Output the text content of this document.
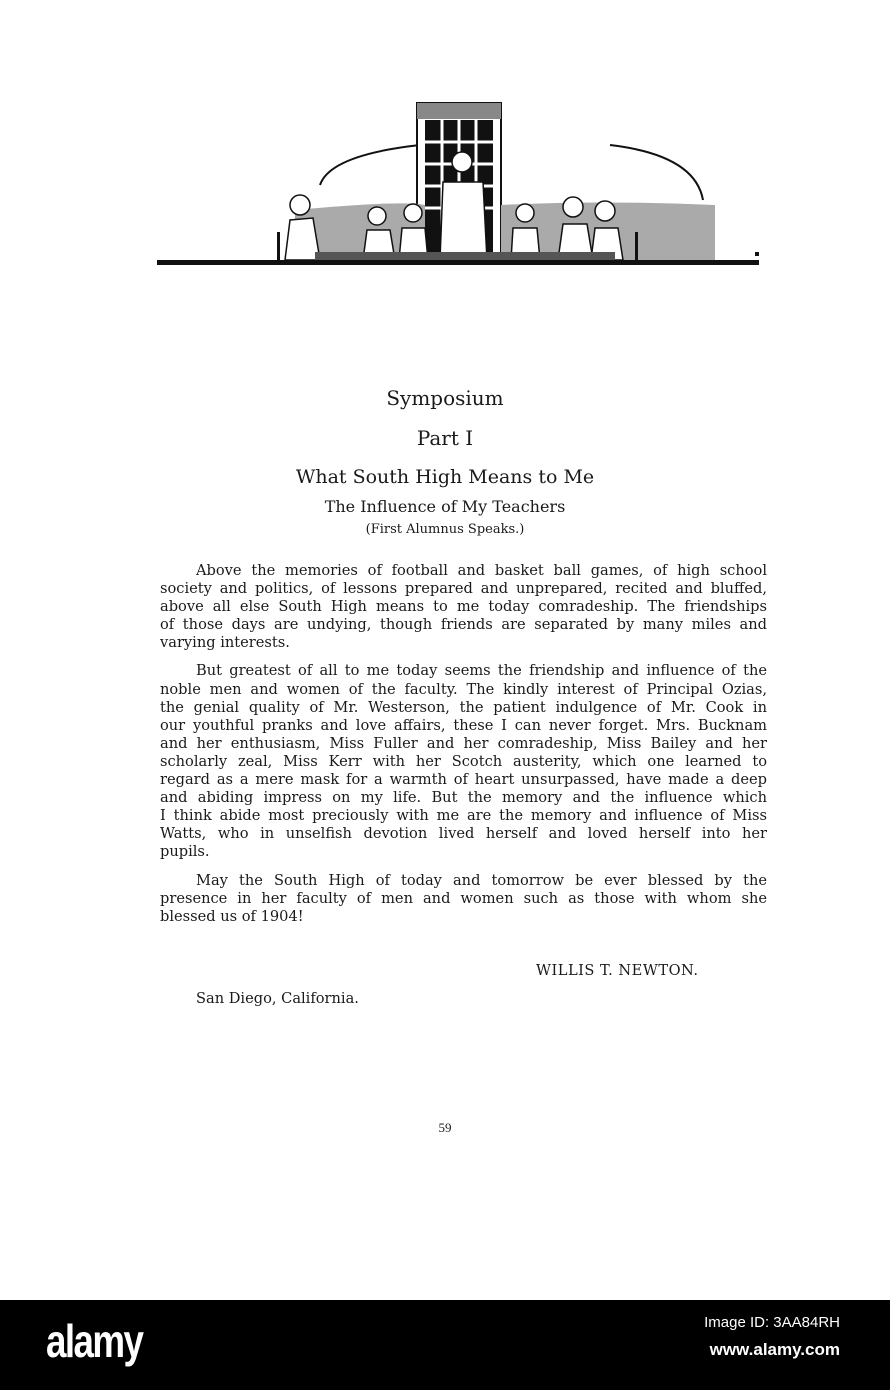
Symposium
Part I
What South High Means to Me
The Influence of My Teachers
(First Alumnus Speaks.)
Above the memories of football and basket ball games, of high school
society and politics, of lessons prepared and unprepared, recited and bluffed,
above all else South High means to me today comradeship. The friendships
of those days are undying, though friends are separated by many miles and
varying interests.
But greatest of all to me today seems the friendship and influence of the
noble men and women of the faculty. The kindly interest of Principal Ozias,
the genial quality of Mr. Westerson, the patient indulgence of Mr. Cook in
our youthful pranks and love affairs, these I can never forget. Mrs. Bucknam
and her enthusiasm, Miss Fuller and her comradeship, Miss Bailey and her
scholarly zeal, Miss Kerr with her Scotch austerity, which one learned to
regard as a mere mask for a warmth of heart unsurpassed, have made a deep
and abiding impress on my life. But the memory and the influence which
I think abide most preciously with me are the memory and influence of Miss
Watts, who in unselfish devotion lived herself and loved herself into her
pupils.
May the South High of today and tomorrow be ever blessed by the
presence in her faculty of men and women such as those with whom she
blessed us of 1904!
WILLIS T. NEWTON.
San Diego, California.
59
alamy	Image ID: 3AA84RH
www.alamy.com
